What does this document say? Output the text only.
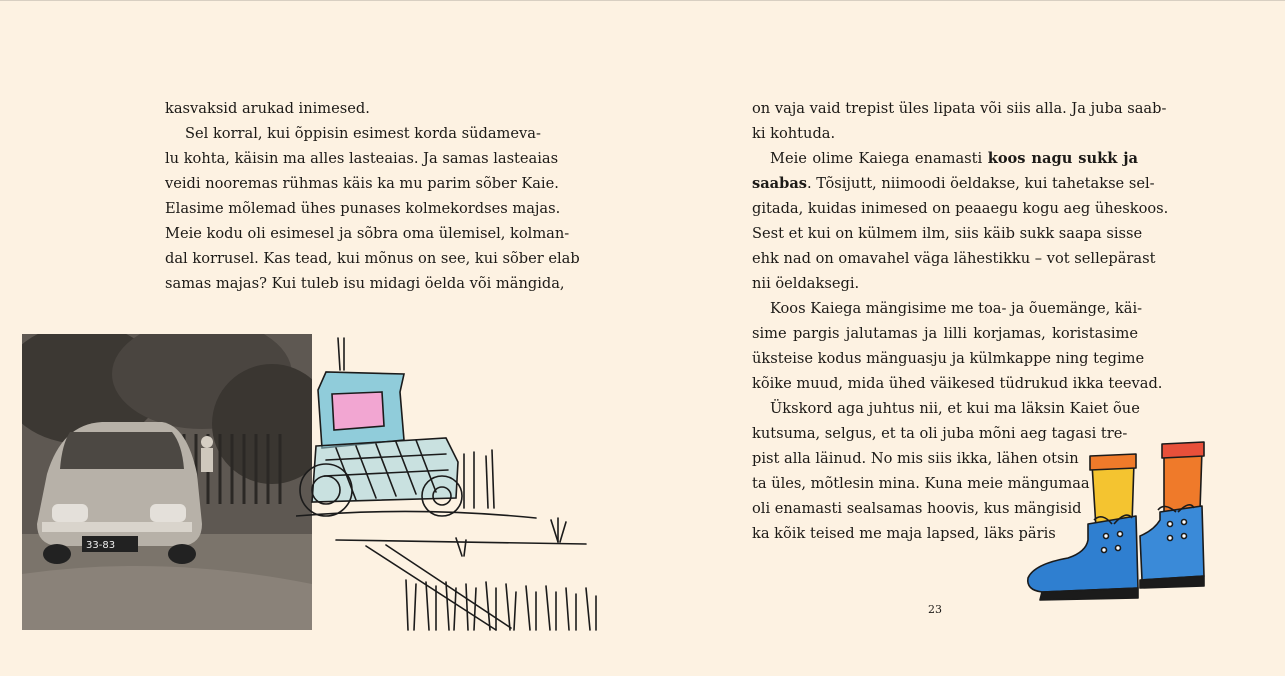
kasvaksid arukad inimesed.

Sel korral, kui õppisin esimest korda südameva-

lu kohta, käisin ma alles lasteaias. Ja samas lasteaias

veidi nooremas rühmas käis ka mu parim sõber Kaie.

Elasime mõlemad ühes punases kolmekordses majas.

Meie kodu oli esimesel ja sõbra oma ülemisel, kolman-

dal korrusel. Kas tead, kui mõnus on see, kui sõber elab

samas majas? Kui tuleb isu midagi öelda või mängida,

33-83

on vaja vaid trepist üles lipata või siis alla. Ja juba saab-

ki kohtuda.

Meie olime Kaiega enamasti koos nagu sukk ja

saabas. Tõsijutt, niimoodi öeldakse, kui tahetakse sel-

gitada, kuidas inimesed on peaaegu kogu aeg üheskoos.

Sest et kui on külmem ilm, siis käib sukk saapa sisse

ehk nad on omavahel väga lähestikku – vot sellepärast

nii öeldaksegi.

Koos Kaiega mängisime me toa- ja õuemänge, käi-

sime pargis jalutamas ja lilli korjamas, koristasime

üksteise kodus mänguasju ja külmkappe ning tegime

kõike muud, mida ühed väikesed tüdrukud ikka teevad.

Ükskord aga juhtus nii, et kui ma läksin Kaiet õue

kutsuma, selgus, et ta oli juba mõni aeg tagasi tre-

pist alla läinud. No mis siis ikka, lähen otsin

ta üles, mõtlesin mina. Kuna meie mängumaa

oli enamasti sealsamas hoovis, kus mängisid

ka kõik teised me maja lapsed, läks päris

23
